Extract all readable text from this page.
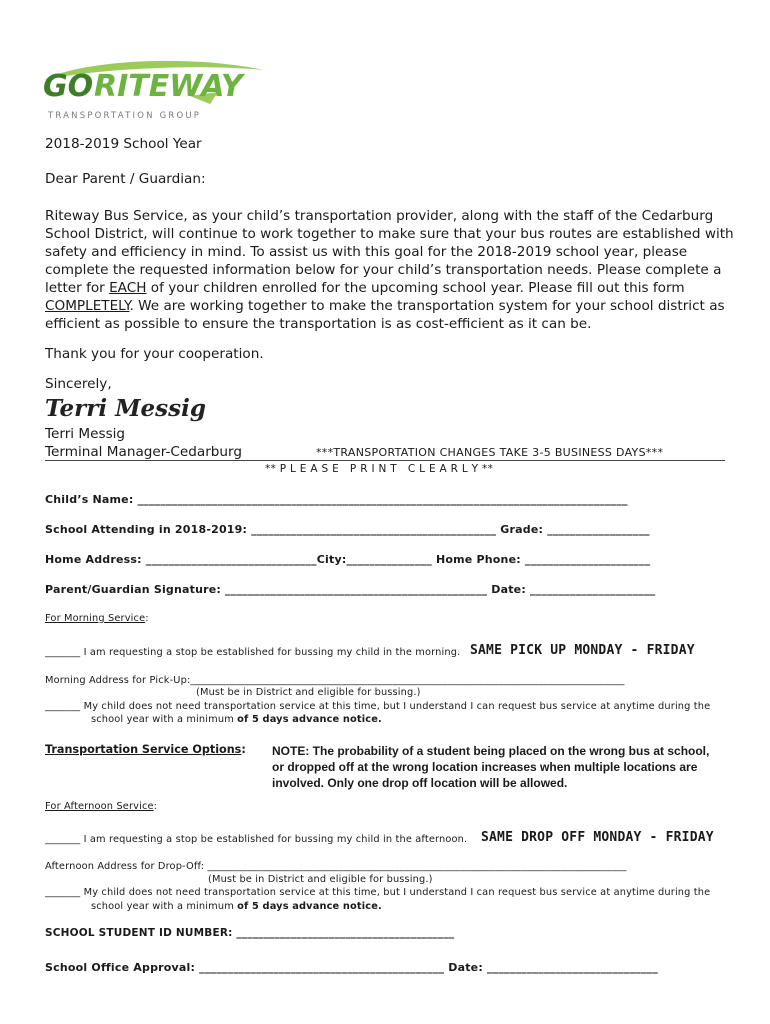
GO RITEWAY
TRANSPORTATION GROUP
2018-2019 School Year
Dear Parent / Guardian:
Riteway Bus Service, as your child’s transportation provider, along with the staff of the Cedarburg School District, will continue to work together to make sure that your bus routes are established with safety and efficiency in mind. To assist us with this goal for the 2018-2019 school year, please complete the requested information below for your child’s transportation needs. Please complete a letter for EACH of your children enrolled for the upcoming school year. Please fill out this form COMPLETELY. We are working together to make the transportation system for your school district as efficient as possible to ensure the transportation is as cost-efficient as it can be.
Thank you for your cooperation.
Sincerely,
Terri Messig
Terri Messig
Terminal Manager-Cedarburg	***TRANSPORTATION CHANGES TAKE 3-5 BUSINESS DAYS***
** P L E A S E   P R I N T   C L E A R L Y **
Child’s Name: ______________________________________________________________________________________
School Attending in 2018-2019: ___________________________________________ Grade: __________________
Home Address: ______________________________City:_______________ Home Phone: ______________________
Parent/Guardian Signature: ______________________________________________ Date: ______________________
For Morning Service:
_______ I am requesting a stop be established for bussing my child in the morning. SAME PICK UP MONDAY - FRIDAY
Morning Address for Pick-Up:______________________________________________________________________________________
(Must be in District and eligible for bussing.)
_______ My child does not need transportation service at this time, but I understand I can request bus service at anytime during the
school year with a minimum of 5 days advance notice.
Transportation Service Options: NOTE: The probability of a student being placed on the wrong bus at school, or dropped off at the wrong location increases when multiple locations are involved. Only one drop off location will be allowed.
For Afternoon Service:
_______ I am requesting a stop be established for bussing my child in the afternoon. SAME DROP OFF MONDAY - FRIDAY
Afternoon Address for Drop-Off: ___________________________________________________________________________________
(Must be in District and eligible for bussing.)
_______ My child does not need transportation service at this time, but I understand I can request bus service at anytime during the
school year with a minimum of 5 days advance notice.
SCHOOL STUDENT ID NUMBER: ________________________________________
School Office Approval: ___________________________________________ Date: ______________________________
